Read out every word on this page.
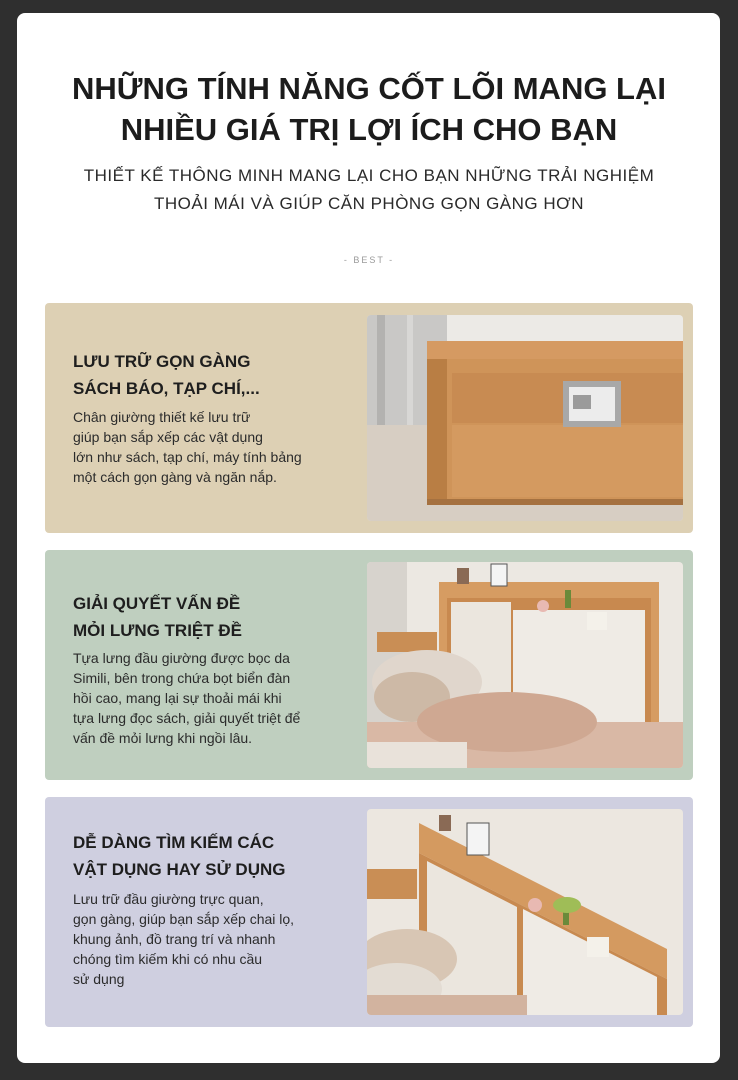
NHỮNG TÍNH NĂNG CỐT LÕI MANG LẠI
NHIỀU GIÁ TRỊ LỢI ÍCH CHO BẠN

THIẾT KẾ THÔNG MINH MANG LẠI CHO BẠN NHỮNG TRẢI NGHIỆM
THOẢI MÁI VÀ GIÚP CĂN PHÒNG GỌN GÀNG HƠN

- BEST -
LƯU TRỮ GỌN GÀNG
SÁCH BÁO, TẠP CHÍ,...

Chân giường thiết kế lưu trữ
giúp bạn sắp xếp các vật dụng
lớn như sách, tạp chí, máy tính bảng
một cách gọn gàng và ngăn nắp.

GIẢI QUYẾT VẤN ĐỀ
MỎI LƯNG TRIỆT ĐỀ

Tựa lưng đầu giường được bọc da
Simili, bên trong chứa bọt biển đàn
hồi cao, mang lại sự thoải mái khi
tựa lưng đọc sách, giải quyết triệt để
vấn đề mỏi lưng khi ngồi lâu.

DỄ DÀNG TÌM KIẾM CÁC
VẬT DỤNG HAY SỬ DỤNG

Lưu trữ đầu giường trực quan,
gọn gàng, giúp bạn sắp xếp chai lọ,
khung ảnh, đồ trang trí và nhanh
chóng tìm kiếm khi có nhu cầu
sử dụng
